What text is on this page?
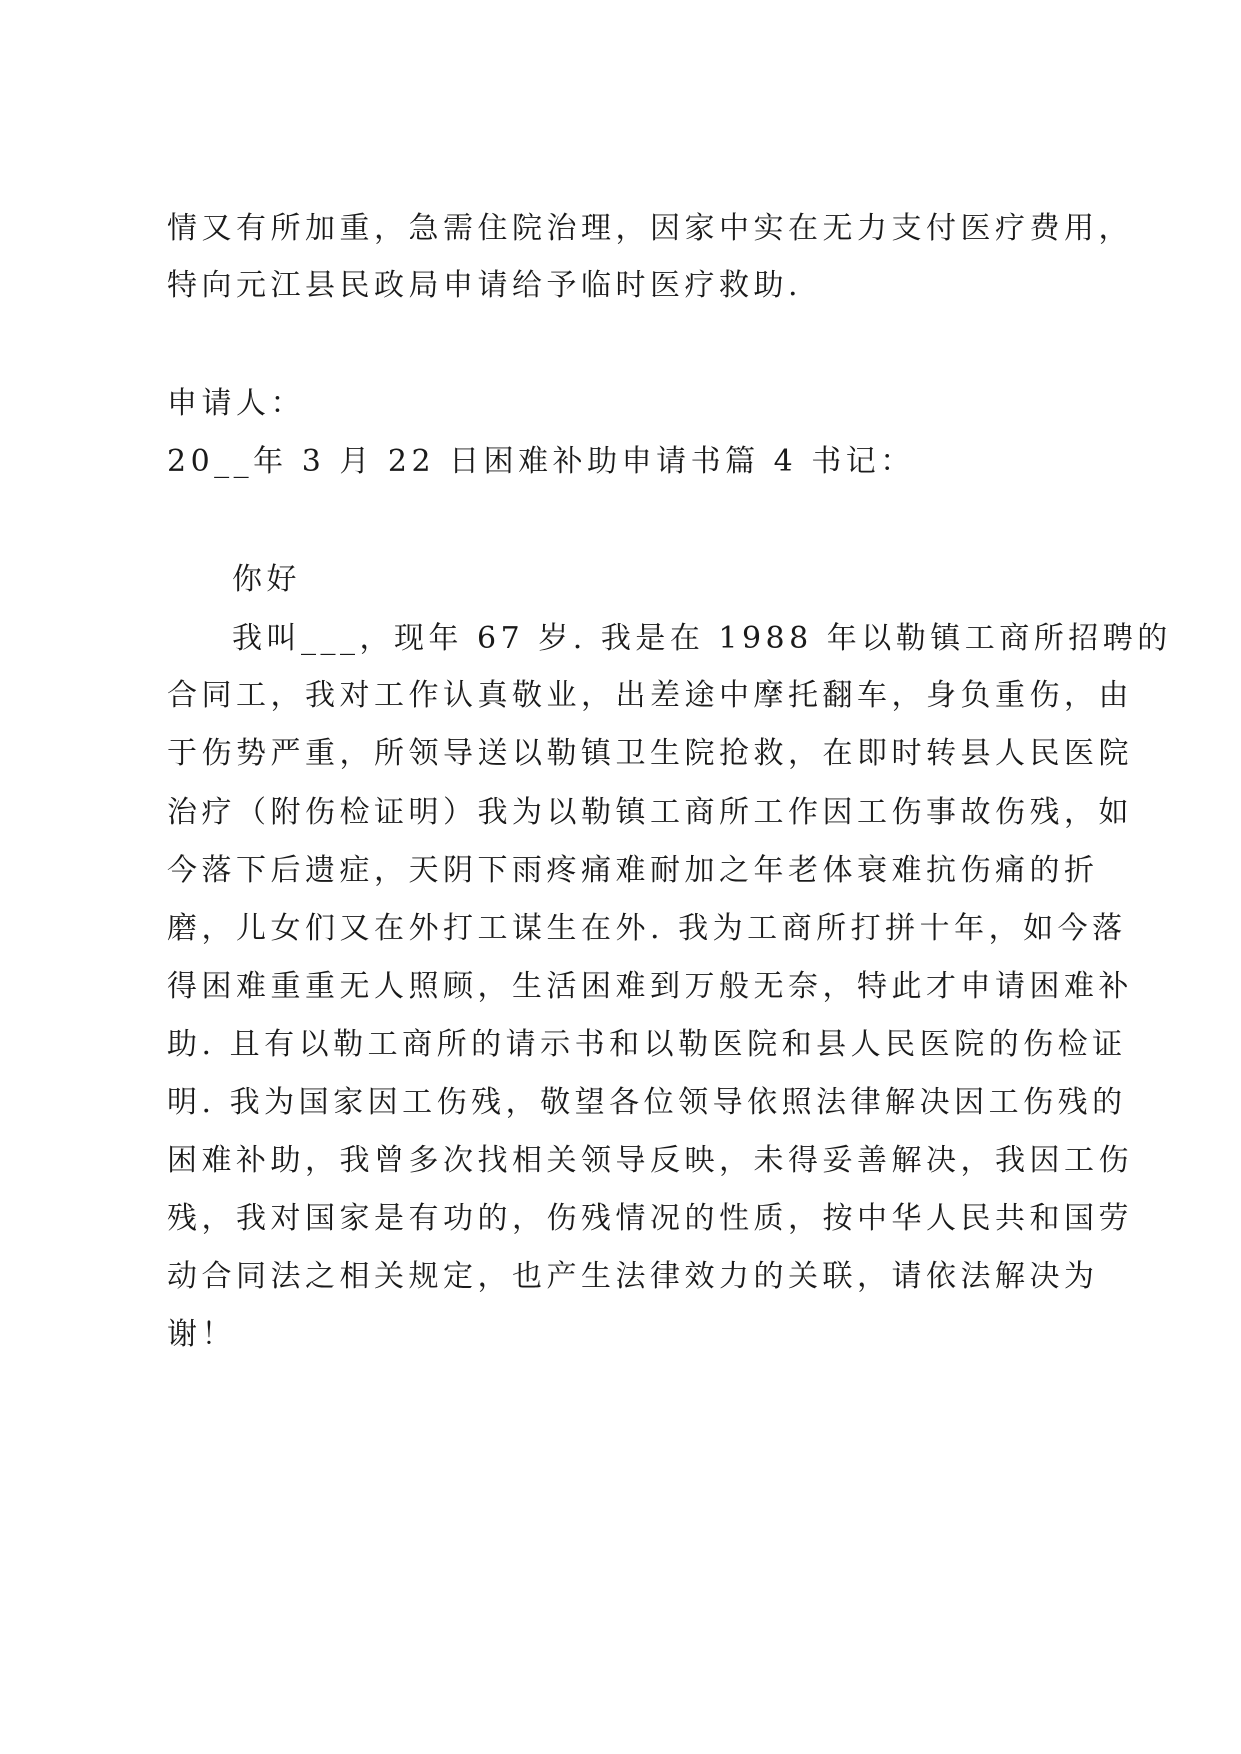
情又有所加重，急需住院治理，因家中实在无力支付医疗费用，
特向元江县民政局申请给予临时医疗救助.
申请人：
20__年 3 月 22 日困难补助申请书篇 4 书记：
你好
我叫___，现年 67 岁. 我是在 1988 年以勒镇工商所招聘的
合同工，我对工作认真敬业，出差途中摩托翻车，身负重伤，由
于伤势严重，所领导送以勒镇卫生院抢救，在即时转县人民医院
治疗（附伤检证明）我为以勒镇工商所工作因工伤事故伤残，如
今落下后遗症，天阴下雨疼痛难耐加之年老体衰难抗伤痛的折
磨，儿女们又在外打工谋生在外. 我为工商所打拼十年，如今落
得困难重重无人照顾，生活困难到万般无奈，特此才申请困难补
助. 且有以勒工商所的请示书和以勒医院和县人民医院的伤检证
明. 我为国家因工伤残，敬望各位领导依照法律解决因工伤残的
困难补助，我曾多次找相关领导反映，未得妥善解决，我因工伤
残，我对国家是有功的，伤残情况的性质，按中华人民共和国劳
动合同法之相关规定，也产生法律效力的关联，请依法解决为
谢！
